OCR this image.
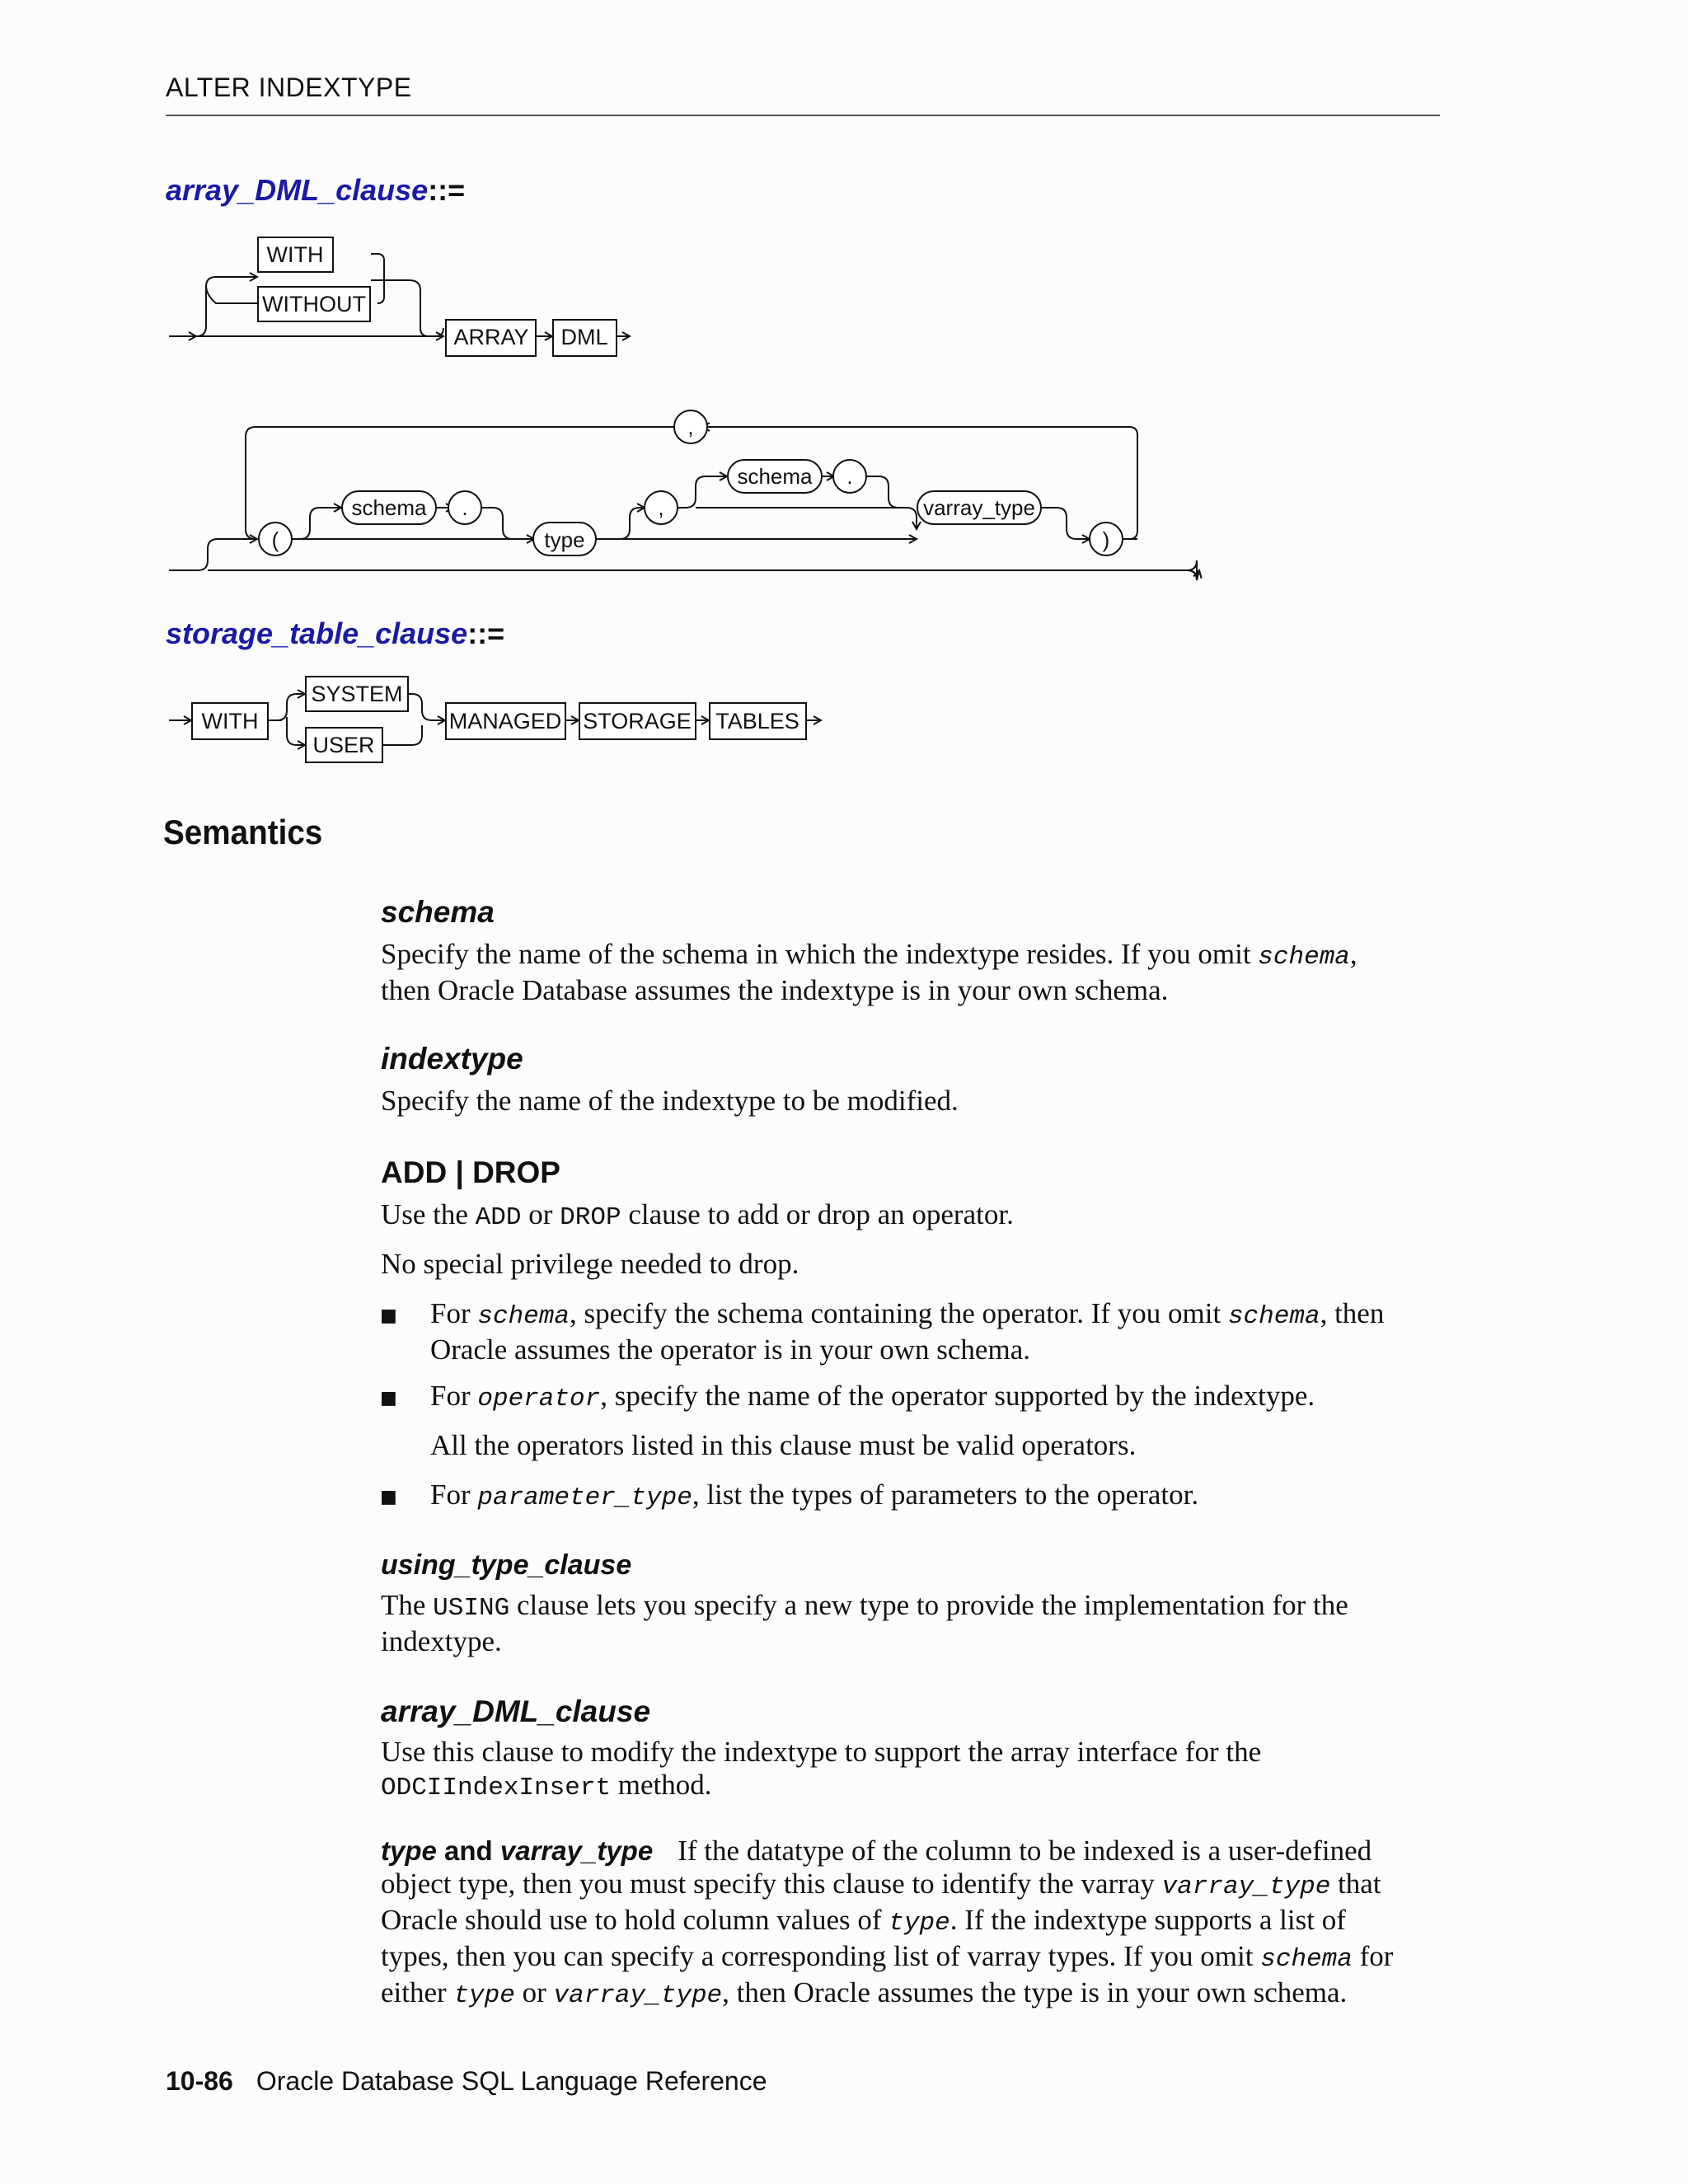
ALTER INDEXTYPE
array_DML_clause::=
WITH
WITHOUT
ARRAY DML
,
(
schema .
type
,
schema .
varray_type
)
WITH
SYSTEM
USER
MANAGED STORAGE TABLES
storage_table_clause::=
Semantics
schema
Specify the name of the schema in which the indextype resides. If you omit schema,
then Oracle Database assumes the indextype is in your own schema.
indextype
Specify the name of the indextype to be modified.
ADD | DROP
Use the ADD or DROP clause to add or drop an operator.
No special privilege needed to drop.
■ For schema, specify the schema containing the operator. If you omit schema, then
Oracle assumes the operator is in your own schema.
■ For operator, specify the name of the operator supported by the indextype.
All the operators listed in this clause must be valid operators.
■ For parameter_type, list the types of parameters to the operator.
using_type_clause
The USING clause lets you specify a new type to provide the implementation for the
indextype.
array_DML_clause
Use this clause to modify the indextype to support the array interface for the
ODCIIndexInsert method.
type and varray_type If the datatype of the column to be indexed is a user-defined
object type, then you must specify this clause to identify the varray varray_type that
Oracle should use to hold column values of type. If the indextype supports a list of
types, then you can specify a corresponding list of varray types. If you omit schema for
either type or varray_type, then Oracle assumes the type is in your own schema.
10-86 Oracle Database SQL Language Reference
